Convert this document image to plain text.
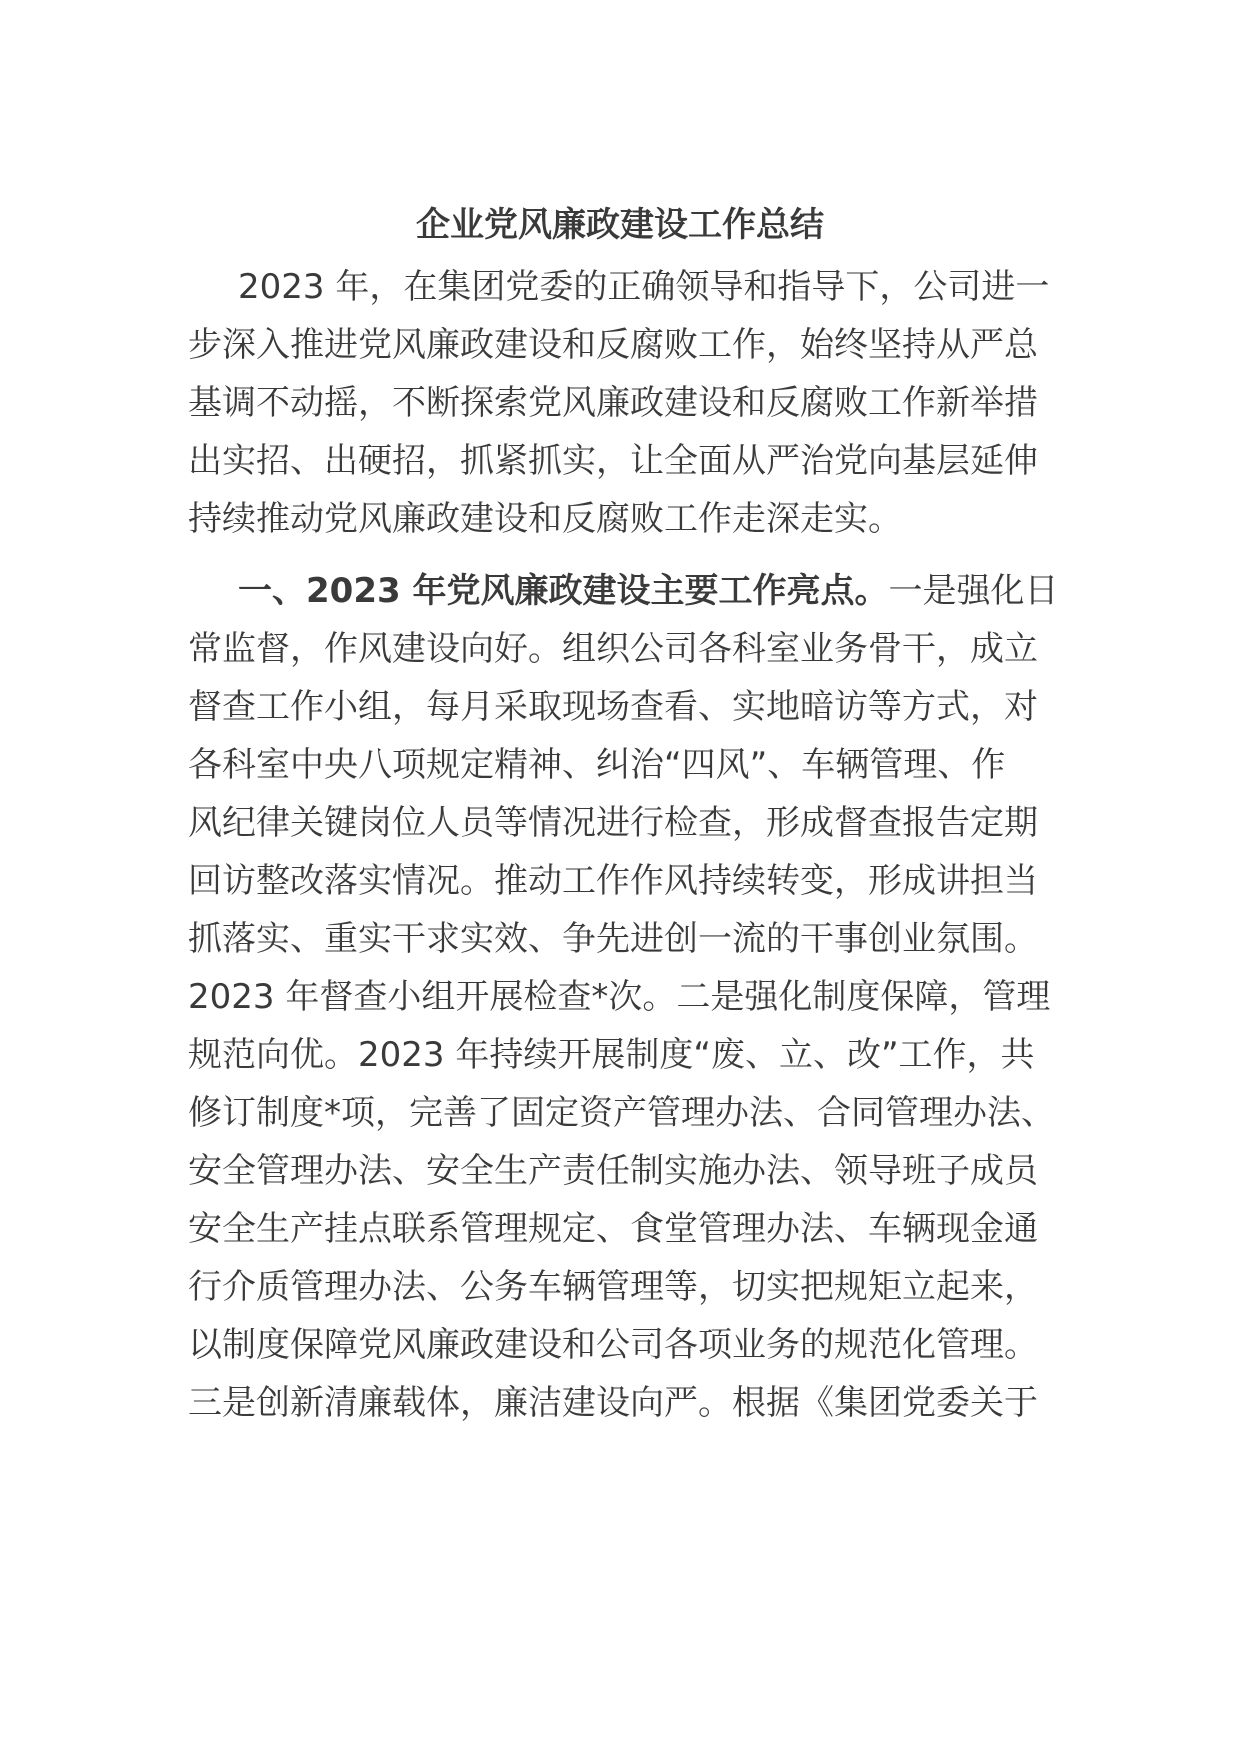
企业党风廉政建设工作总结
2023 年，在集团党委的正确领导和指导下，公司进一
步深入推进党风廉政建设和反腐败工作，始终坚持从严总
基调不动摇，不断探索党风廉政建设和反腐败工作新举措
出实招、出硬招，抓紧抓实，让全面从严治党向基层延伸
持续推动党风廉政建设和反腐败工作走深走实。
一、2023 年党风廉政建设主要工作亮点。一是强化日
常监督，作风建设向好。组织公司各科室业务骨干，成立
督查工作小组，每月采取现场查看、实地暗访等方式，对
各科室中央八项规定精神、纠治“四风”、车辆管理、作
风纪律关键岗位人员等情况进行检查，形成督查报告定期
回访整改落实情况。推动工作作风持续转变，形成讲担当
抓落实、重实干求实效、争先进创一流的干事创业氛围。
2023 年督查小组开展检查*次。二是强化制度保障，管理
规范向优。2023 年持续开展制度“废、立、改”工作，共
修订制度*项，完善了固定资产管理办法、合同管理办法、
安全管理办法、安全生产责任制实施办法、领导班子成员
安全生产挂点联系管理规定、食堂管理办法、车辆现金通
行介质管理办法、公务车辆管理等，切实把规矩立起来，
以制度保障党风廉政建设和公司各项业务的规范化管理。
三是创新清廉载体，廉洁建设向严。根据《集团党委关于
